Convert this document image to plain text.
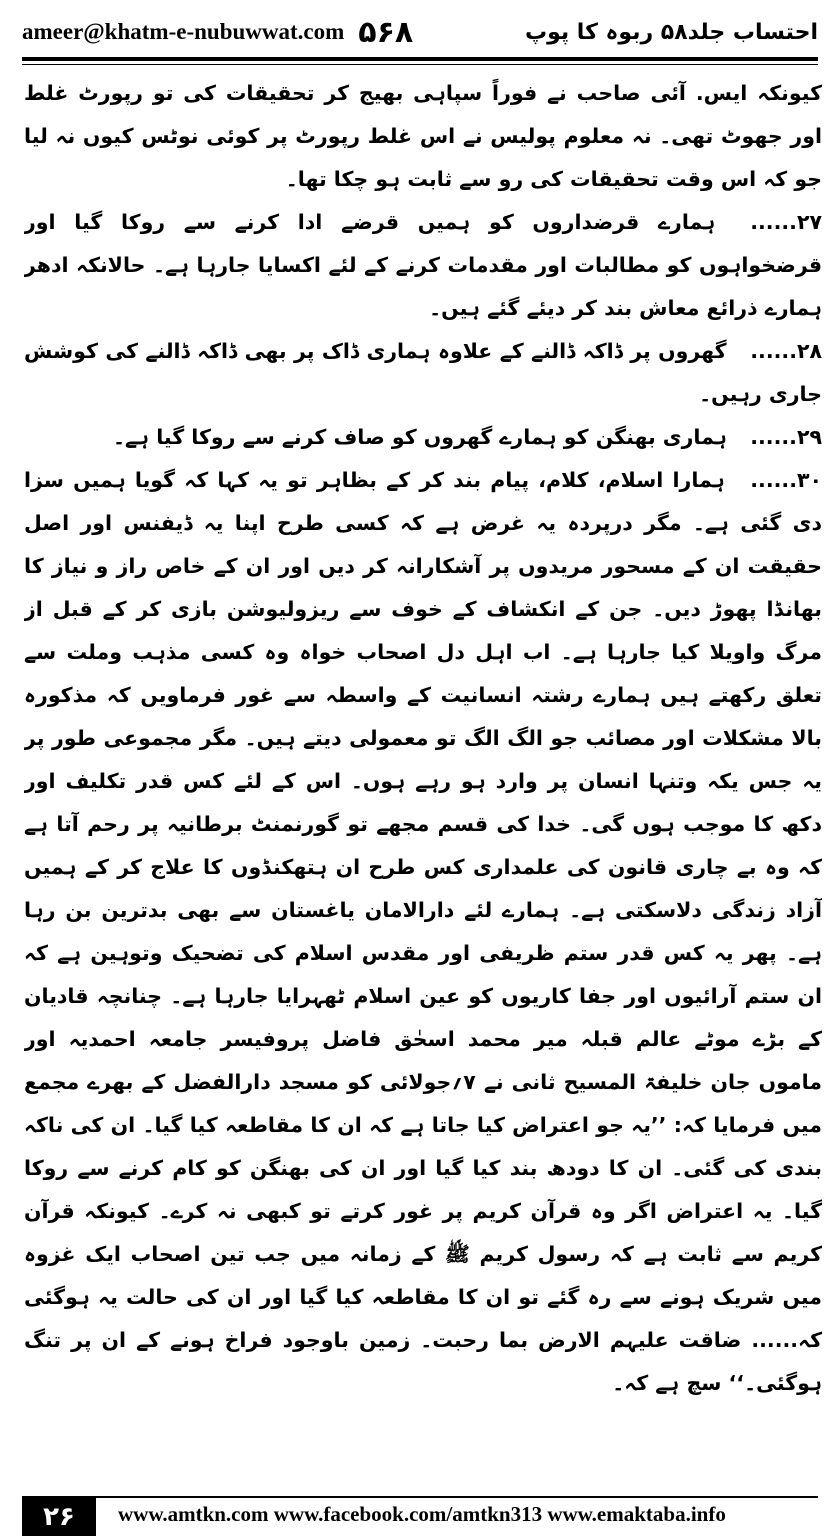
ameer@khatm-e-nubuwwat.com ۵۶۸	احتساب جلد۵۸ ربوہ کا پوپ

کیونکہ ایس. آئی صاحب نے فوراً سپاہی بھیج کر تحقیقات کی تو رپورٹ غلط اور جھوٹ تھی۔ نہ معلوم پولیس نے اس غلط رپورٹ پر کوئی نوٹس کیوں نہ لیا جو کہ اس وقت تحقیقات کی رو سے ثابت ہو چکا تھا۔

۲۷...... ہمارے قرضداروں کو ہمیں قرضے ادا کرنے سے روکا گیا اور قرضخواہوں کو مطالبات اور مقدمات کرنے کے لئے اکسایا جارہا ہے۔ حالانکہ ادھر ہمارے ذرائع معاش بند کر دیئے گئے ہیں۔

۲۸...... گھروں پر ڈاکہ ڈالنے کے علاوہ ہماری ڈاک پر بھی ڈاکہ ڈالنے کی کوشش جاری رہیں۔

۲۹...... ہماری بھنگن کو ہمارے گھروں کو صاف کرنے سے روکا گیا ہے۔

۳۰...... ہمارا اسلام، کلام، پیام بند کر کے بظاہر تو یہ کہا کہ گویا ہمیں سزا دی گئی ہے۔ مگر درپردہ یہ غرض ہے کہ کسی طرح اپنا یہ ڈیفنس اور اصل حقیقت ان کے مسحور مریدوں پر آشکارانہ کر دیں اور ان کے خاص راز و نیاز کا بھانڈا پھوڑ دیں۔ جن کے انکشاف کے خوف سے ریزولیوشن بازی کر کے قبل از مرگ واویلا کیا جارہا ہے۔ اب اہل دل اصحاب خواہ وہ کسی مذہب وملت سے تعلق رکھتے ہیں ہمارے رشتہ انسانیت کے واسطہ سے غور فرماویں کہ مذکورہ بالا مشکلات اور مصائب جو الگ الگ تو معمولی دیتے ہیں۔ مگر مجموعی طور پر یہ جس یکہ وتنہا انسان پر وارد ہو رہے ہوں۔ اس کے لئے کس قدر تکلیف اور دکھ کا موجب ہوں گی۔ خدا کی قسم مجھے تو گورنمنٹ برطانیہ پر رحم آتا ہے کہ وہ بے چاری قانون کی علمداری کس طرح ان ہتھکنڈوں کا علاج کر کے ہمیں آزاد زندگی دلاسکتی ہے۔ ہمارے لئے دارالامان یاغستان سے بھی بدترین بن رہا ہے۔ پھر یہ کس قدر ستم ظریفی اور مقدس اسلام کی تضحیک وتوہین ہے کہ ان ستم آرائیوں اور جفا کاریوں کو عین اسلام ٹھہرایا جارہا ہے۔ چنانچہ قادیان کے بڑے موٹے عالم قبلہ میر محمد اسحٰق فاضل پروفیسر جامعہ احمدیہ اور ماموں جان خلیفۃ المسیح ثانی نے ۷؍جولائی کو مسجد دارالفضل کے بھرے مجمع میں فرمایا کہ: ’’یہ جو اعتراض کیا جاتا ہے کہ ان کا مقاطعہ کیا گیا۔ ان کی ناکہ بندی کی گئی۔ ان کا دودھ بند کیا گیا اور ان کی بھنگن کو کام کرنے سے روکا گیا۔ یہ اعتراض اگر وہ قرآن کریم پر غور کرتے تو کبھی نہ کرے۔ کیونکہ قرآن کریم سے ثابت ہے کہ رسول کریم ﷺ کے زمانہ میں جب تین اصحاب ایک غزوہ میں شریک ہونے سے رہ گئے تو ان کا مقاطعہ کیا گیا اور ان کی حالت یہ ہوگئی کہ...... ضاقت علیہم الارض بما رحبت۔ زمین باوجود فراخ ہونے کے ان پر تنگ ہوگئی۔‘‘ سچ ہے کہ۔

۲۶	www.amtkn.com www.facebook.com/amtkn313 www.emaktaba.info
